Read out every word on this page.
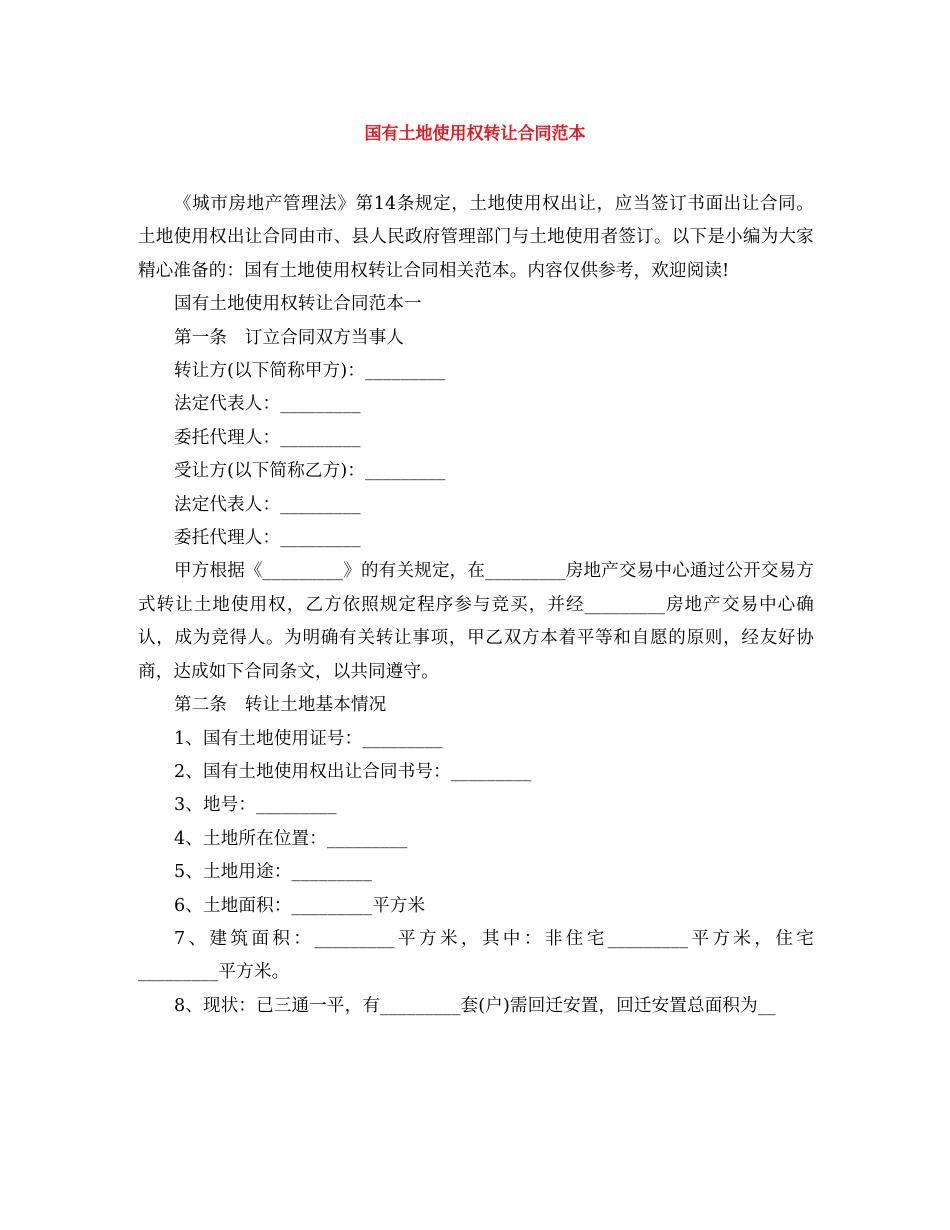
国有土地使用权转让合同范本

《城市房地产管理法》第14条规定，土地使用权出让，应当签订书面出让合同。土地使用权出让合同由市、县人民政府管理部门与土地使用者签订。以下是小编为大家精心准备的：国有土地使用权转让合同相关范本。内容仅供参考，欢迎阅读!

国有土地使用权转让合同范本一

第一条　订立合同双方当事人

转让方(以下简称甲方)：_________

法定代表人：_________

委托代理人：_________

受让方(以下简称乙方)：_________

法定代表人：_________

委托代理人：_________

甲方根据《_________》的有关规定，在_________房地产交易中心通过公开交易方式转让土地使用权，乙方依照规定程序参与竞买，并经_________房地产交易中心确认，成为竞得人。为明确有关转让事项，甲乙双方本着平等和自愿的原则，经友好协商，达成如下合同条文，以共同遵守。

第二条　转让土地基本情况

1、国有土地使用证号：_________

2、国有土地使用权出让合同书号：_________

3、地号：_________

4、土地所在位置：_________

5、土地用途：_________

6、土地面积：_________平方米

7、建筑面积：_________平方米，其中：非住宅_________平方米，住宅_________平方米。

8、现状：已三通一平，有_________套(户)需回迁安置，回迁安置总面积为__
